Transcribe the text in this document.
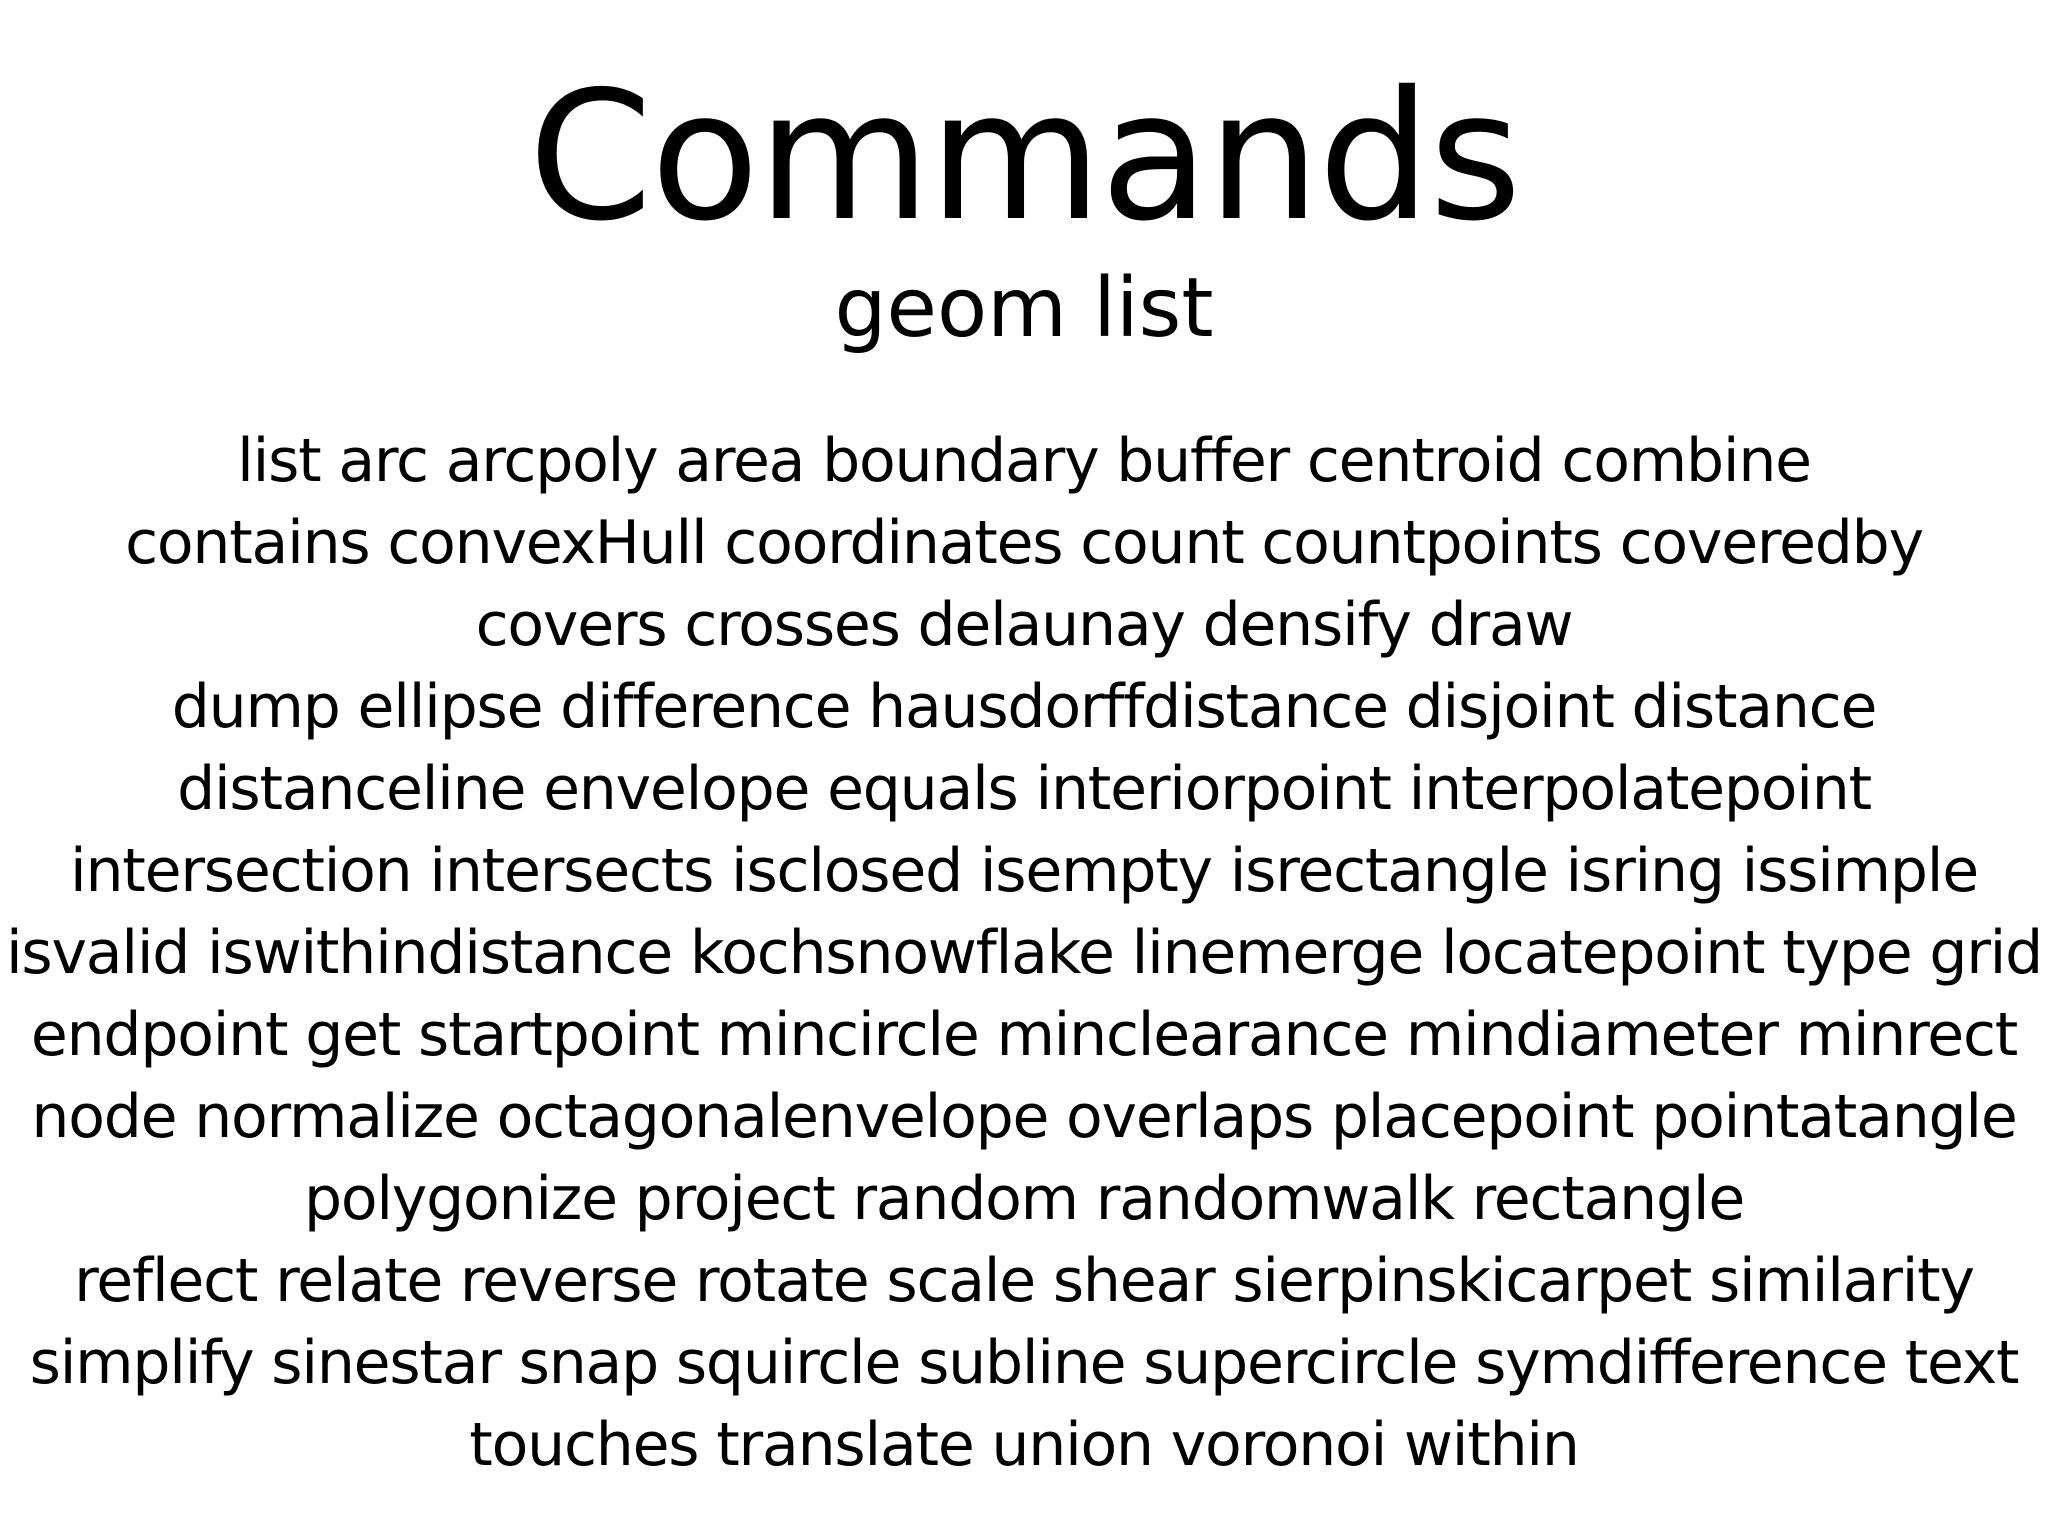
Commands
geom list
list arc arcpoly area boundary buffer centroid combine
contains convexHull coordinates count countpoints coveredby
covers crosses delaunay densify draw
dump ellipse difference hausdorffdistance disjoint distance
distanceline envelope equals interiorpoint interpolatepoint
intersection intersects isclosed isempty isrectangle isring issimple
isvalid iswithindistance kochsnowflake linemerge locatepoint type grid
endpoint get startpoint mincircle minclearance mindiameter minrect
node normalize octagonalenvelope overlaps placepoint pointatangle
polygonize project random randomwalk rectangle
reflect relate reverse rotate scale shear sierpinskicarpet similarity
simplify sinestar snap squircle subline supercircle symdifference text
touches translate union voronoi within
